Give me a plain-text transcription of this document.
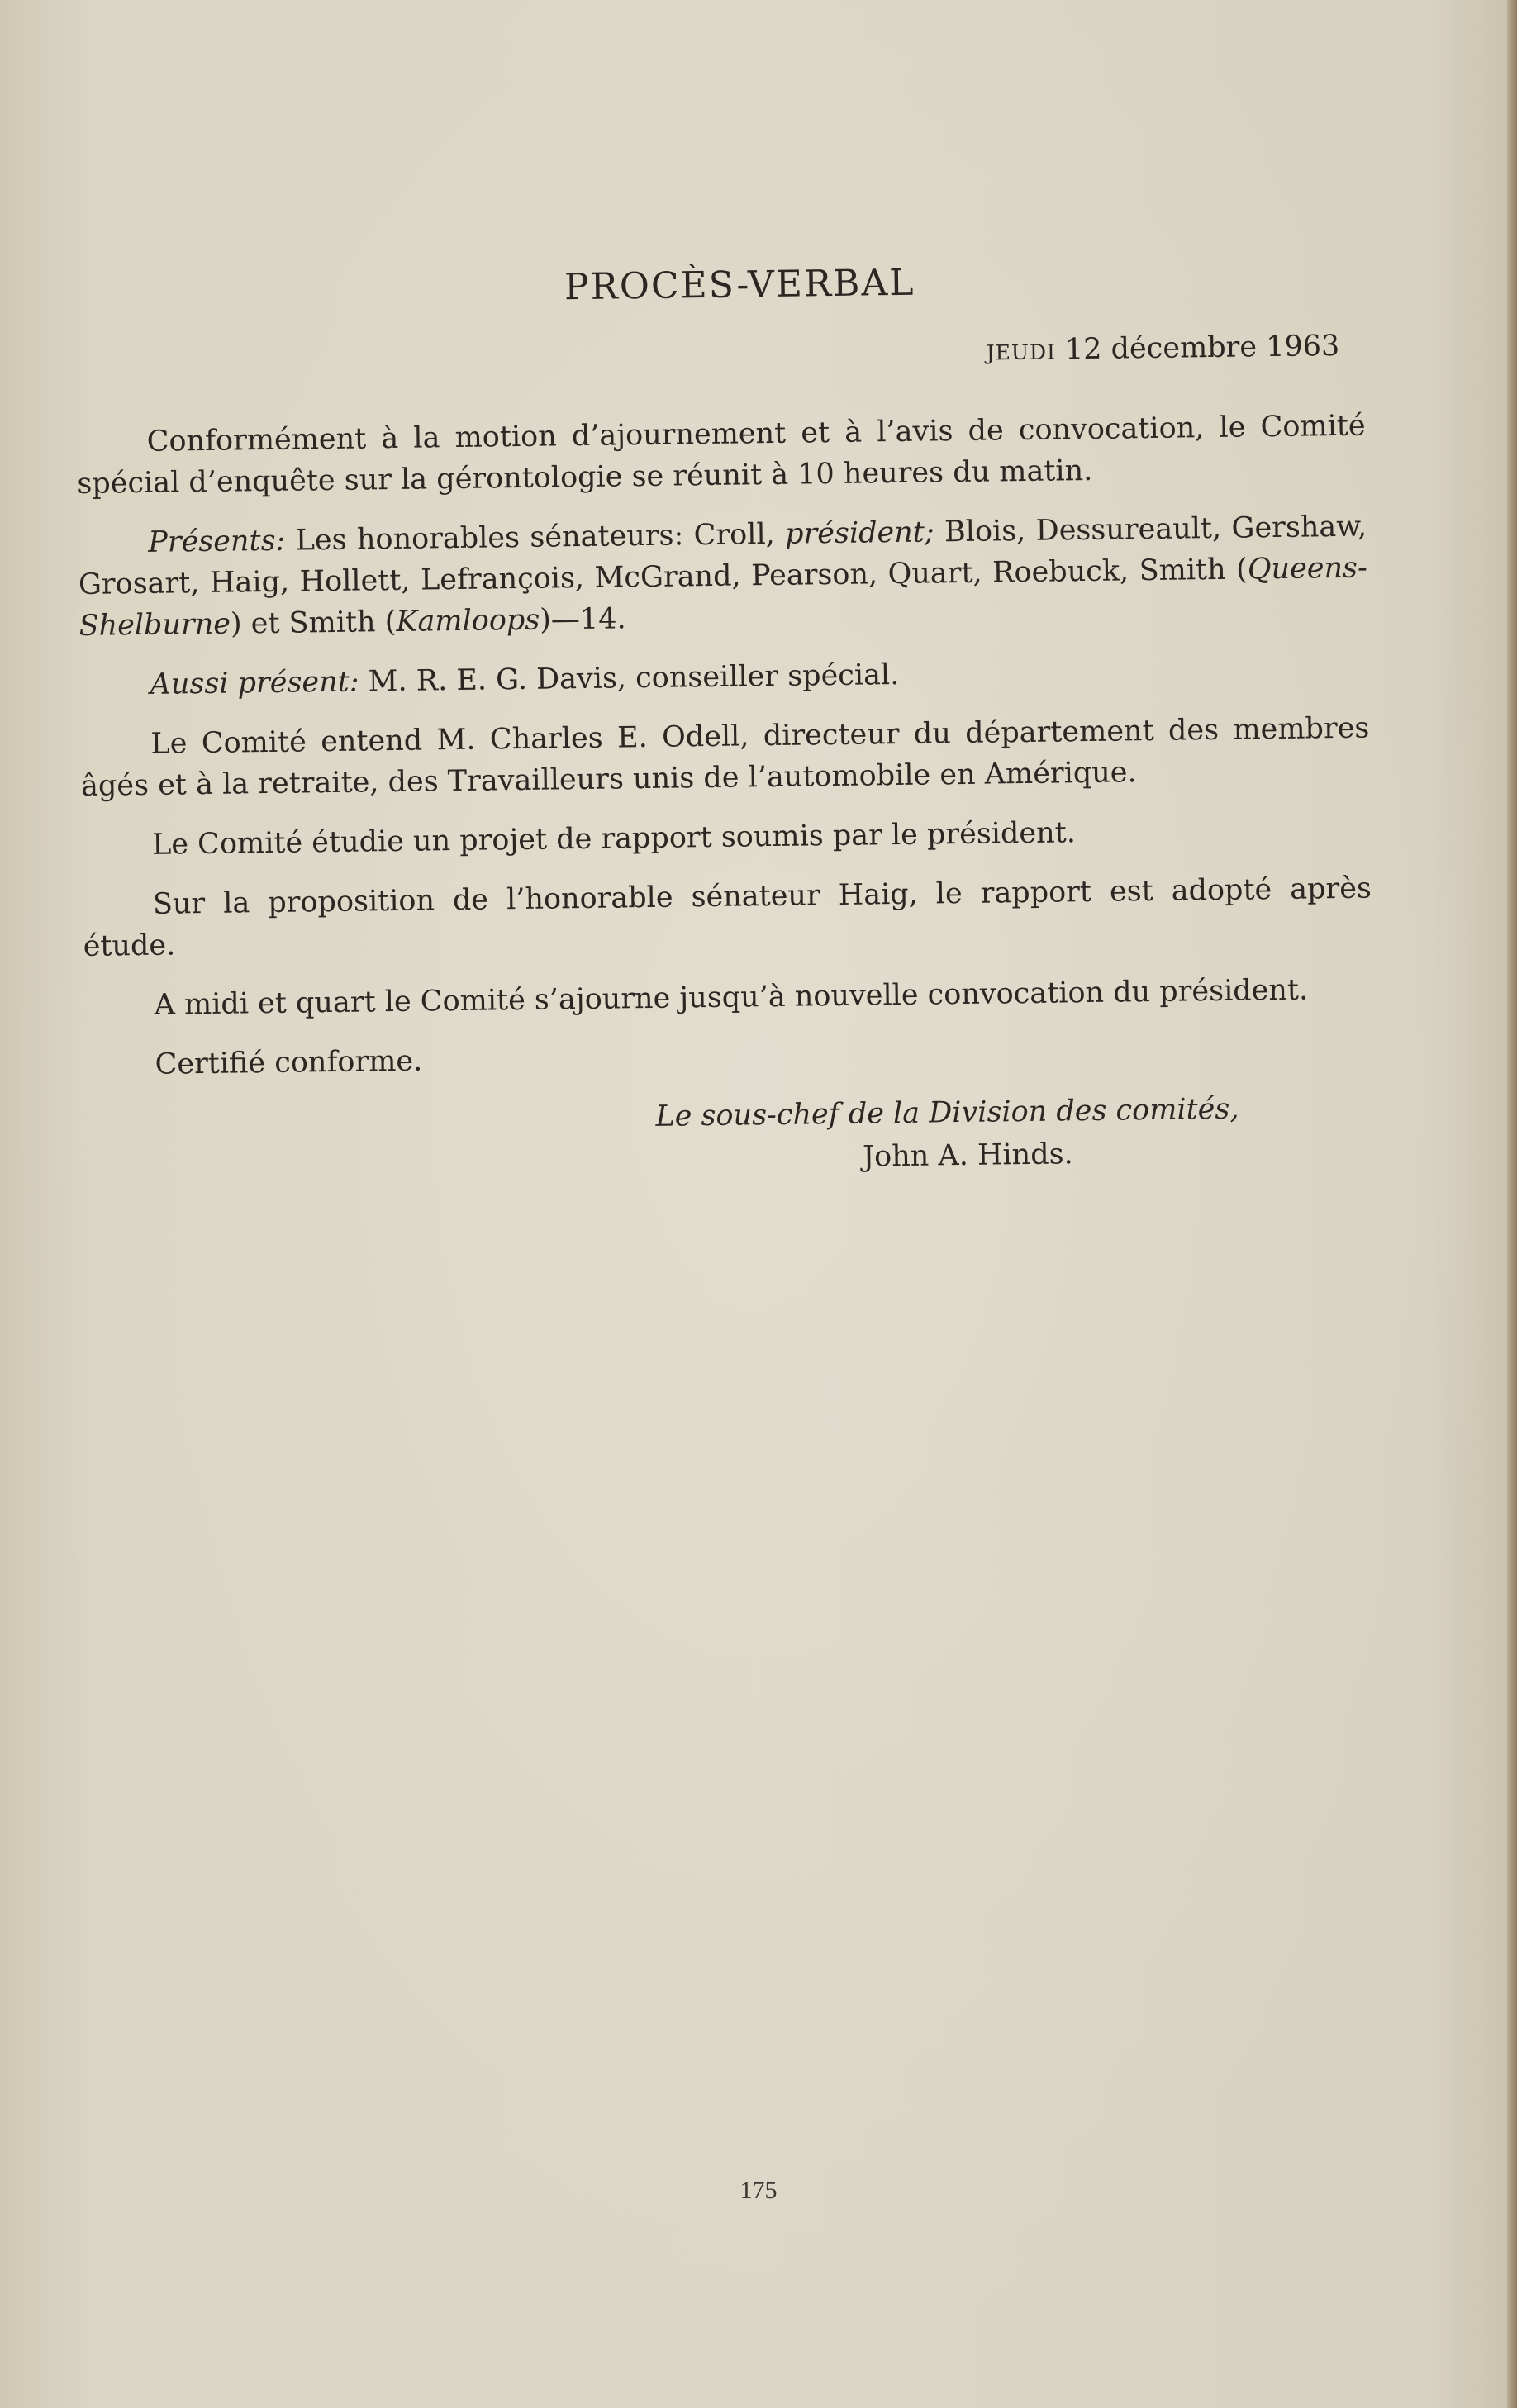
PROCÈS-VERBAL
JEUDI 12 décembre 1963

Conformément à la motion d’ajournement et à l’avis de convocation, le Comité spécial d’enquête sur la gérontologie se réunit à 10 heures du matin.

Présents: Les honorables sénateurs: Croll, président; Blois, Dessureault, Gershaw, Grosart, Haig, Hollett, Lefrançois, McGrand, Pearson, Quart, Roebuck, Smith (Queens-Shelburne) et Smith (Kamloops)—14.

Aussi présent: M. R. E. G. Davis, conseiller spécial.

Le Comité entend M. Charles E. Odell, directeur du département des membres âgés et à la retraite, des Travailleurs unis de l’automobile en Amérique.

Le Comité étudie un projet de rapport soumis par le président.

Sur la proposition de l’honorable sénateur Haig, le rapport est adopté après étude.

A midi et quart le Comité s’ajourne jusqu’à nouvelle convocation du président.

Certifié conforme.

Le sous-chef de la Division des comités,
John A. Hinds.
175
